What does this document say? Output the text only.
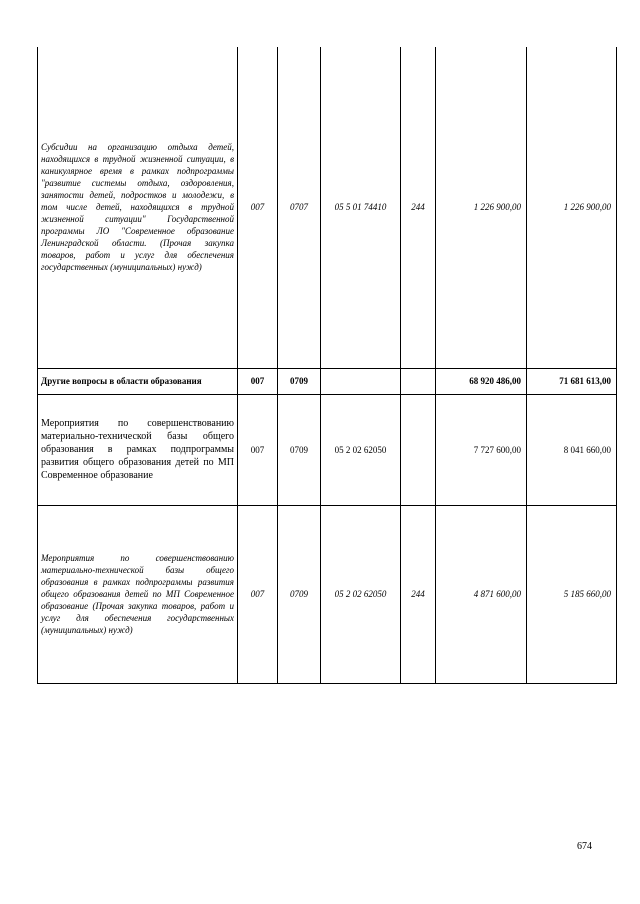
Субсидии на организацию отдыха детей, находящихся в трудной жизненной ситуации, в каникулярное время в рамках подпрограммы "развитие системы отдыха, оздоровления, занятости детей, подростков и молодежи, в том числе детей, находящихся в трудной жизненной ситуации" Государственной программы ЛО "Современное образование Ленинградской области. (Прочая закупка товаров, работ и услуг для обеспечения государственных (муниципальных) нужд)	007	0707	05 5 01 74410	244	1 226 900,00	1 226 900,00
Другие вопросы в области образования	007	0709			68 920 486,00	71 681 613,00
Мероприятия по совершенствованию материально-технической базы общего образования в рамках подпрограммы развития общего образования детей по МП Современное образование	007	0709	05 2 02 62050		7 727 600,00	8 041 660,00
Мероприятия по совершенствованию материально-технической базы общего образования в рамках подпрограммы развития общего образования детей по МП Современное образование (Прочая закупка товаров, работ и услуг для обеспечения государственных (муниципальных) нужд)	007	0709	05 2 02 62050	244	4 871 600,00	5 185 660,00
674
